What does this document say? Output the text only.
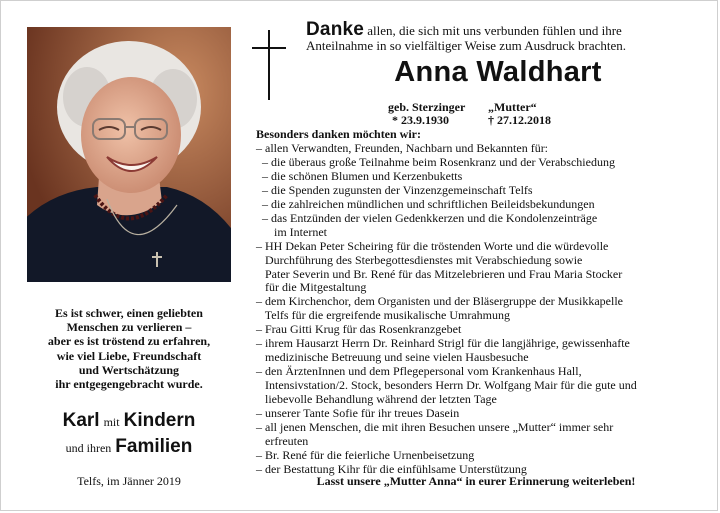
Danke allen, die sich mit uns verbunden fühlen und ihre
Anteilnahme in so vielfältiger Weise zum Ausdruck brachten.
Anna Waldhart
geb. Sterzinger „Mutter“
* 23.9.1930	† 27.12.2018
Besonders danken möchten wir:
– allen Verwandten, Freunden, Nachbarn und Bekannten für:
– die überaus große Teilnahme beim Rosenkranz und der Verabschiedung
– die schönen Blumen und Kerzenbuketts
– die Spenden zugunsten der Vinzenzgemeinschaft Telfs
– die zahlreichen mündlichen und schriftlichen Beileidsbekundungen
– das Entzünden der vielen Gedenkkerzen und die Kondolenzeinträge
im Internet
– HH Dekan Peter Scheiring für die tröstenden Worte und die würdevolle
Durchführung des Sterbegottesdienstes mit Verabschiedung sowie
Pater Severin und Br. René für das Mitzelebrieren und Frau Maria Stocker
für die Mitgestaltung
– dem Kirchenchor, dem Organisten und der Bläsergruppe der Musikkapelle
Telfs für die ergreifende musikalische Umrahmung
– Frau Gitti Krug für das Rosenkranzgebet
– ihrem Hausarzt Herrn Dr. Reinhard Strigl für die langjährige, gewissenhafte
medizinische Betreuung und seine vielen Hausbesuche
– den ÄrztenInnen und dem Pflegepersonal vom Krankenhaus Hall,
Intensivstation/2. Stock, besonders Herrn Dr. Wolfgang Mair für die gute und
liebevolle Behandlung während der letzten Tage
– unserer Tante Sofie für ihr treues Dasein
– all jenen Menschen, die mit ihren Besuchen unsere „Mutter“ immer sehr
erfreuten
– Br. René für die feierliche Urnenbeisetzung
– der Bestattung Kihr für die einfühlsame Unterstützung
Es ist schwer, einen geliebten
Menschen zu verlieren –
aber es ist tröstend zu erfahren,
wie viel Liebe, Freundschaft
und Wertschätzung
ihr entgegengebracht wurde.
Karl mit Kindern
und ihren Familien
Telfs, im Jänner 2019	Lasst unsere „Mutter Anna“ in eurer Erinnerung weiterleben!
